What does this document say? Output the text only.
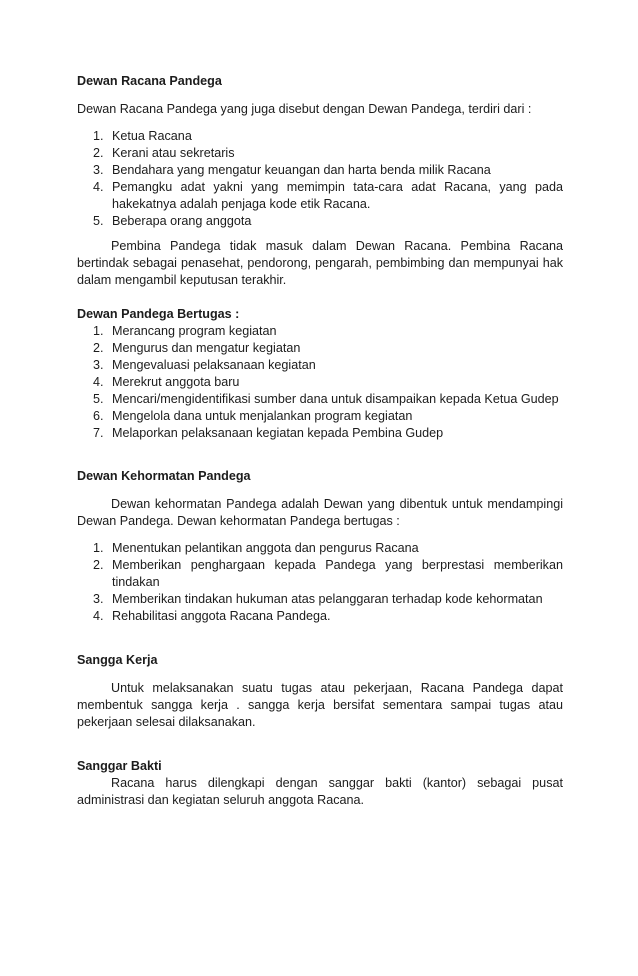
Dewan Racana Pandega

Dewan Racana Pandega yang juga disebut dengan Dewan Pandega, terdiri dari :

1. Ketua Racana
2. Kerani atau sekretaris
3. Bendahara yang mengatur keuangan dan harta benda milik Racana
4. Pemangku adat yakni yang memimpin tata-cara adat Racana, yang pada hakekatnya adalah penjaga kode etik Racana.
5. Beberapa orang anggota

Pembina Pandega tidak masuk dalam Dewan Racana. Pembina Racana bertindak sebagai penasehat, pendorong, pengarah, pembimbing dan mempunyai hak dalam mengambil keputusan terakhir.

Dewan Pandega Bertugas :
1. Merancang program kegiatan
2. Mengurus dan mengatur kegiatan
3. Mengevaluasi pelaksanaan kegiatan
4. Merekrut anggota baru
5. Mencari/mengidentifikasi sumber dana untuk disampaikan kepada Ketua Gudep
6. Mengelola dana untuk menjalankan program kegiatan
7. Melaporkan pelaksanaan kegiatan kepada Pembina Gudep
Dewan Kehormatan Pandega

Dewan kehormatan Pandega adalah Dewan yang dibentuk untuk mendampingi Dewan Pandega. Dewan kehormatan Pandega bertugas :

1. Menentukan pelantikan anggota dan pengurus Racana
2. Memberikan penghargaan kepada Pandega yang berprestasi memberikan tindakan
3. Memberikan tindakan hukuman atas pelanggaran terhadap kode kehormatan
4. Rehabilitasi anggota Racana Pandega.
Sangga Kerja

Untuk melaksanakan suatu tugas atau pekerjaan, Racana Pandega dapat membentuk sangga kerja . sangga kerja bersifat sementara sampai tugas atau pekerjaan selesai dilaksanakan.

Sanggar Bakti

Racana harus dilengkapi dengan sanggar bakti (kantor) sebagai pusat administrasi dan kegiatan seluruh anggota Racana.
